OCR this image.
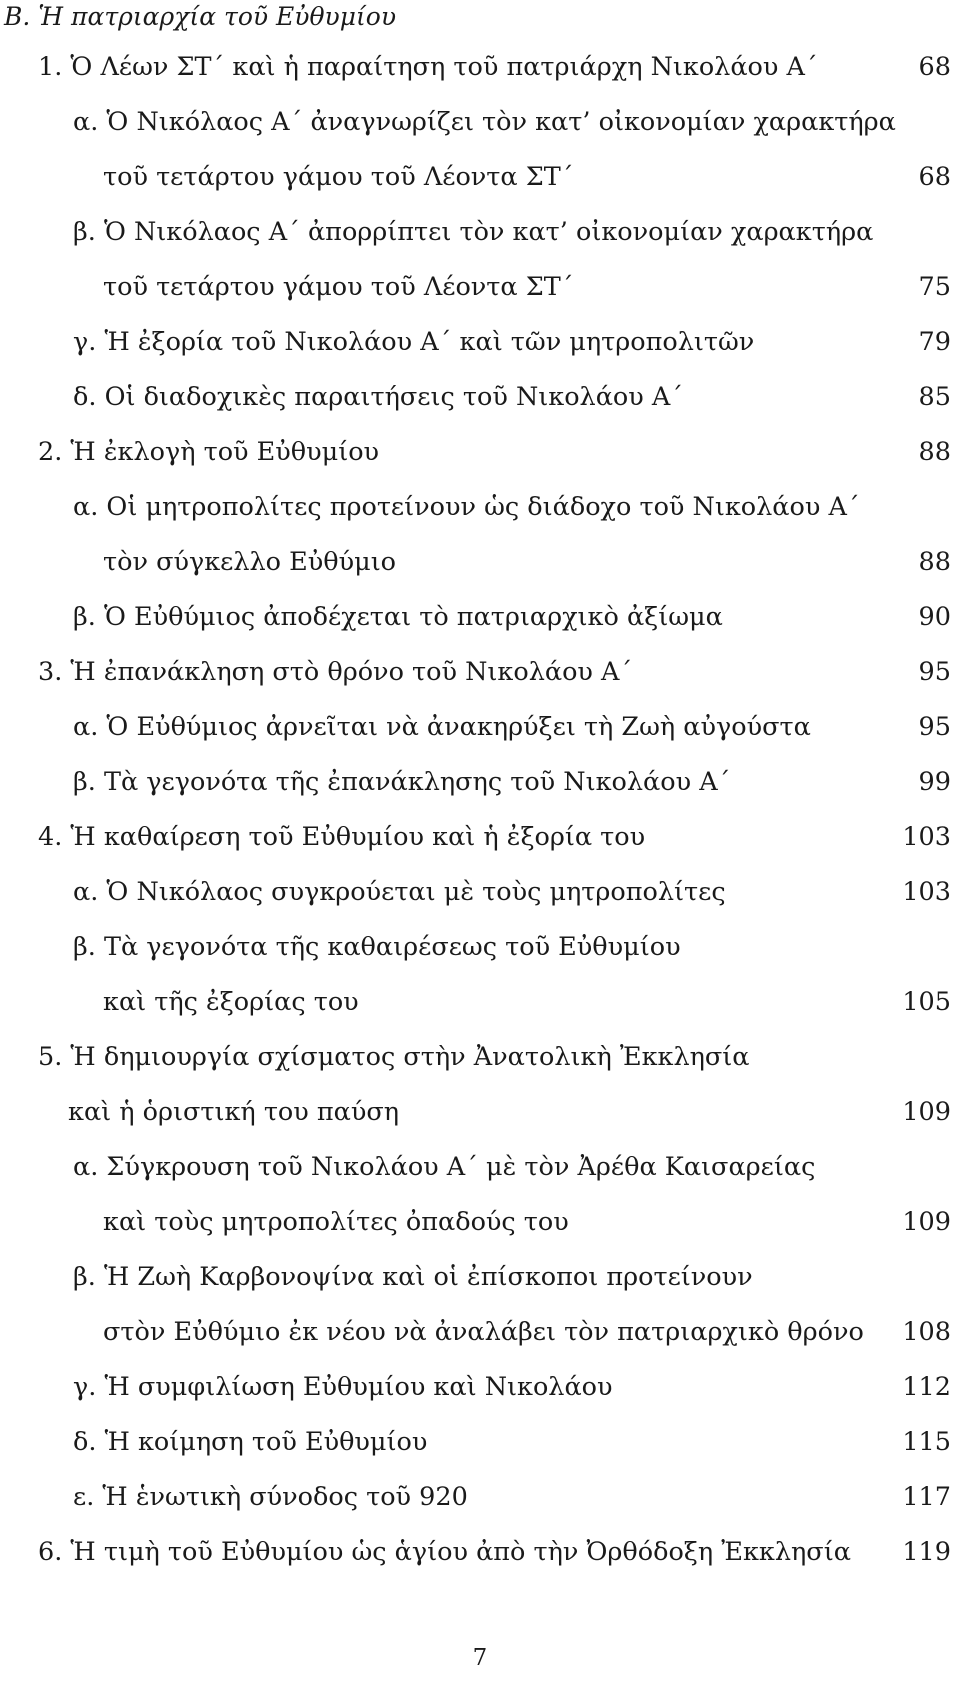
Β. Ἡ πατριαρχία τοῦ Εὐθυμίου
1. Ὁ Λέων ΣΤ΄ καὶ ἡ παραίτηση τοῦ πατριάρχη Νικολάου Α΄	68
α. Ὁ Νικόλαος Α΄ ἀναγνωρίζει τὸν κατ’ οἰκονομίαν χαρακτήρα
τοῦ τετάρτου γάμου τοῦ Λέοντα ΣΤ΄	68
β. Ὁ Νικόλαος Α΄ ἀπορρίπτει τὸν κατ’ οἰκονομίαν χαρακτήρα
τοῦ τετάρτου γάμου τοῦ Λέοντα ΣΤ΄	75
γ. Ἡ ἐξορία τοῦ Νικολάου Α΄ καὶ τῶν μητροπολιτῶν	79
δ. Οἱ διαδοχικὲς παραιτήσεις τοῦ Νικολάου Α΄	85
2. Ἡ ἐκλογὴ τοῦ Εὐθυμίου	88
α. Οἱ μητροπολίτες προτείνουν ὡς διάδοχο τοῦ Νικολάου Α΄
τὸν σύγκελλο Εὐθύμιο	88
β. Ὁ Εὐθύμιος ἀποδέχεται τὸ πατριαρχικὸ ἀξίωμα	90
3. Ἡ ἐπανάκληση στὸ θρόνο τοῦ Νικολάου Α΄	95
α. Ὁ Εὐθύμιος ἀρνεῖται νὰ ἀνακηρύξει τὴ Ζωὴ αὐγούστα	95
β. Τὰ γεγονότα τῆς ἐπανάκλησης τοῦ Νικολάου Α΄	99
4. Ἡ καθαίρεση τοῦ Εὐθυμίου καὶ ἡ ἐξορία του	103
α. Ὁ Νικόλαος συγκρούεται μὲ τοὺς μητροπολίτες	103
β. Τὰ γεγονότα τῆς καθαιρέσεως τοῦ Εὐθυμίου
καὶ τῆς ἐξορίας του	105
5. Ἡ δημιουργία σχίσματος στὴν Ἀνατολικὴ Ἐκκλησία
καὶ ἡ ὁριστική του παύση	109
α. Σύγκρουση τοῦ Νικολάου Α΄ μὲ τὸν Ἀρέθα Καισαρείας
καὶ τοὺς μητροπολίτες ὀπαδούς του	109
β. Ἡ Ζωὴ Καρβονοψίνα καὶ οἱ ἐπίσκοποι προτείνουν
στὸν Εὐθύμιο ἐκ νέου νὰ ἀναλάβει τὸν πατριαρχικὸ θρόνο 108
γ. Ἡ συμφιλίωση Εὐθυμίου καὶ Νικολάου	112
δ. Ἡ κοίμηση τοῦ Εὐθυμίου	115
ε. Ἡ ἑνωτικὴ σύνοδος τοῦ 920	117
6. Ἡ τιμὴ τοῦ Εὐθυμίου ὡς ἁγίου ἀπὸ τὴν Ὀρθόδοξη Ἐκκλησία 119
7
